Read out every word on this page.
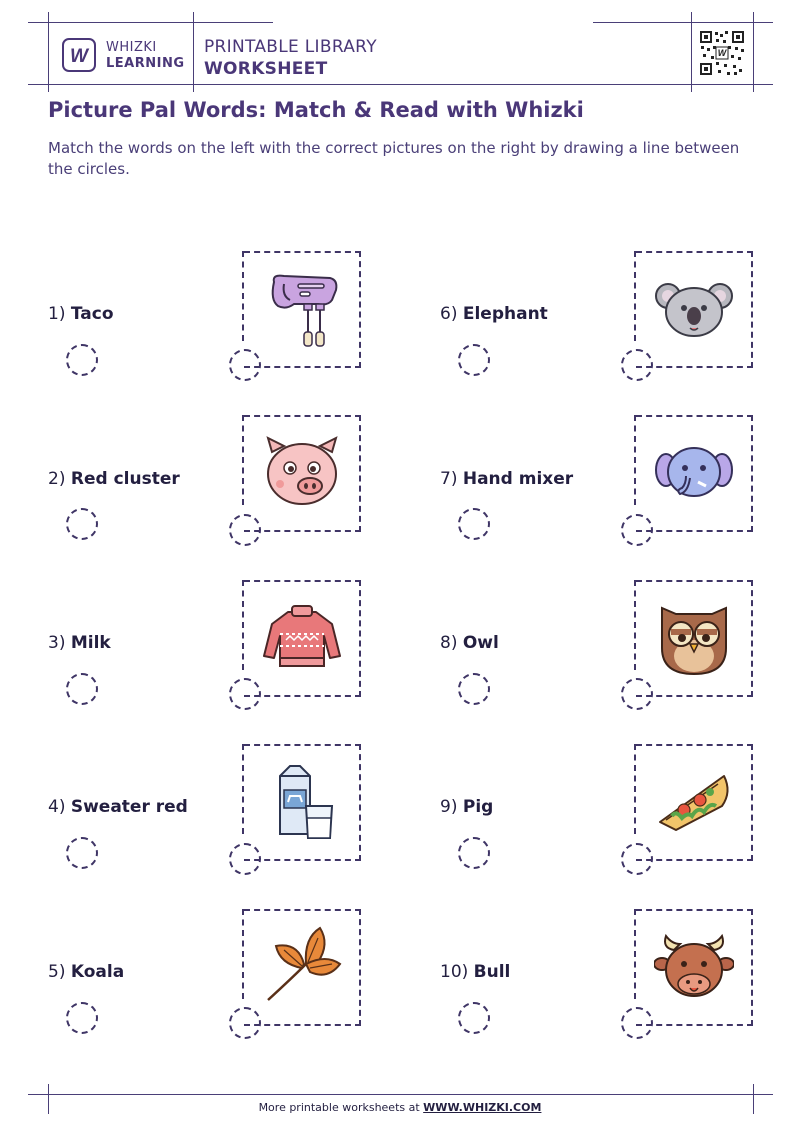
W WHIZKI
LEARNING
PRINTABLE LIBRARY
WORKSHEET
W
Picture Pal Words: Match & Read with Whizki
Match the words on the left with the correct pictures on the right by drawing a line between the circles.
1) Taco
2) Red cluster
3) Milk
4) Sweater red
5) Koala
6) Elephant
7) Hand mixer
8) Owl
9) Pig
10) Bull
More printable worksheets at WWW.WHIZKI.COM
